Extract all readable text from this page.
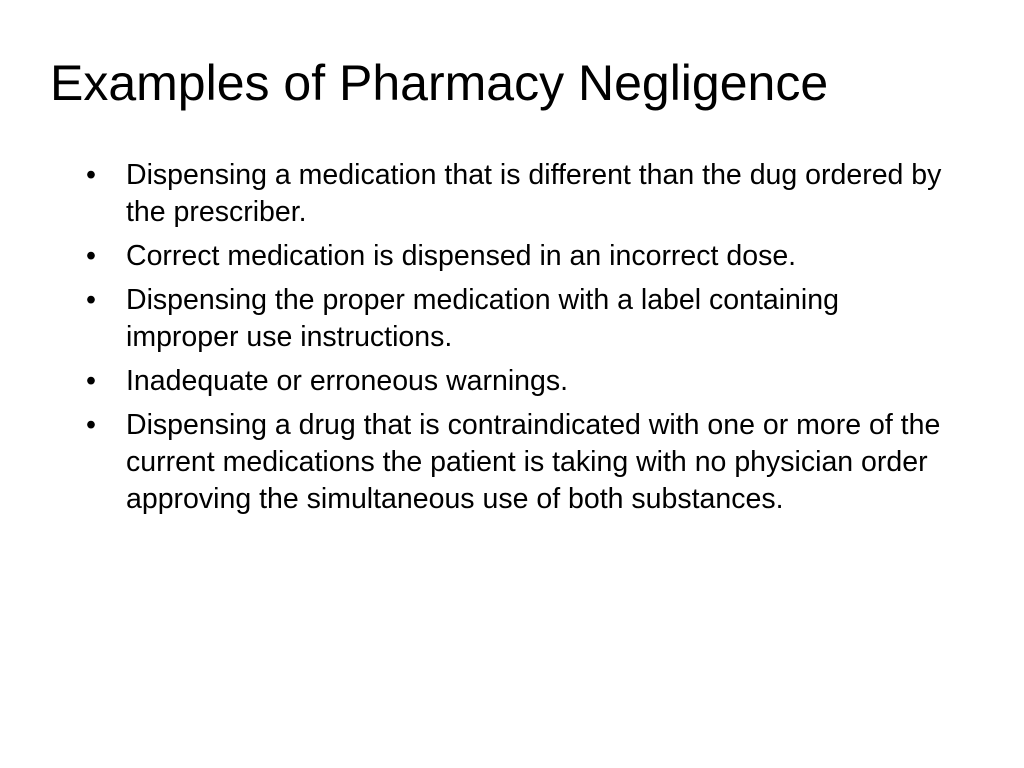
Examples of Pharmacy Negligence
•	Dispensing a medication that is different than the dug ordered by the prescriber.
•	Correct medication is dispensed in an incorrect dose.
•	Dispensing the proper medication with a label containing improper use instructions.
•	Inadequate or erroneous warnings.
•	Dispensing a drug that is contraindicated with one or more of the current medications the patient is taking with no physician order approving the simultaneous use of both substances.
